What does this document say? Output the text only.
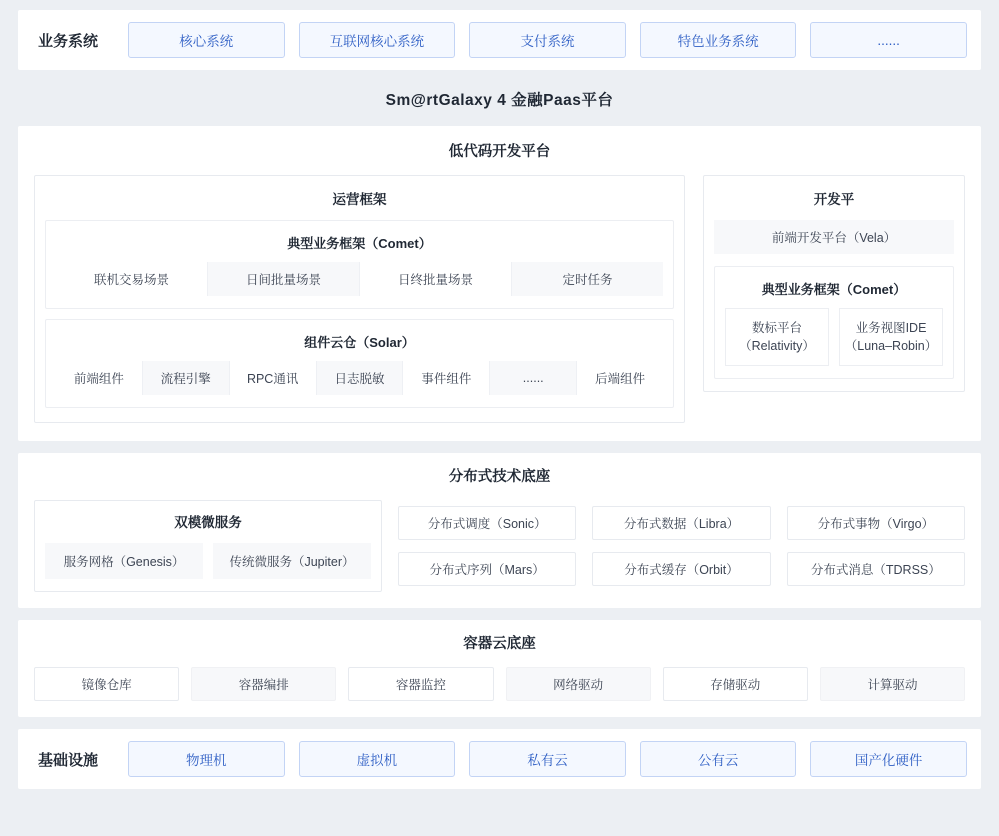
业务系统	核心系统	互联网核心系统	支付系统	特色业务系统	......
Sm@rtGalaxy 4 金融Paas平台
低代码开发平台
运营框架
典型业务框架（Comet）
联机交易场景	日间批量场景	日终批量场景	定时任务
组件云仓（Solar）
前端组件	流程引擎	RPC通讯	日志脱敏	事件组件	......	后端组件
开发平
前端开发平台（Vela）
典型业务框架（Comet）
数标平台
（Relativity）
业务视图IDE
（Luna–Robin）
分布式技术底座
双模微服务
服务网格（Genesis）	传统微服务（Jupiter）
分布式调度（Sonic）	分布式数据（Libra）	分布式事物（Virgo）
分布式序列（Mars）	分布式缓存（Orbit）	分布式消息（TDRSS）
容器云底座
镜像仓库	容器编排	容器监控	网络驱动	存储驱动	计算驱动
基础设施	物理机	虚拟机	私有云	公有云	国产化硬件
